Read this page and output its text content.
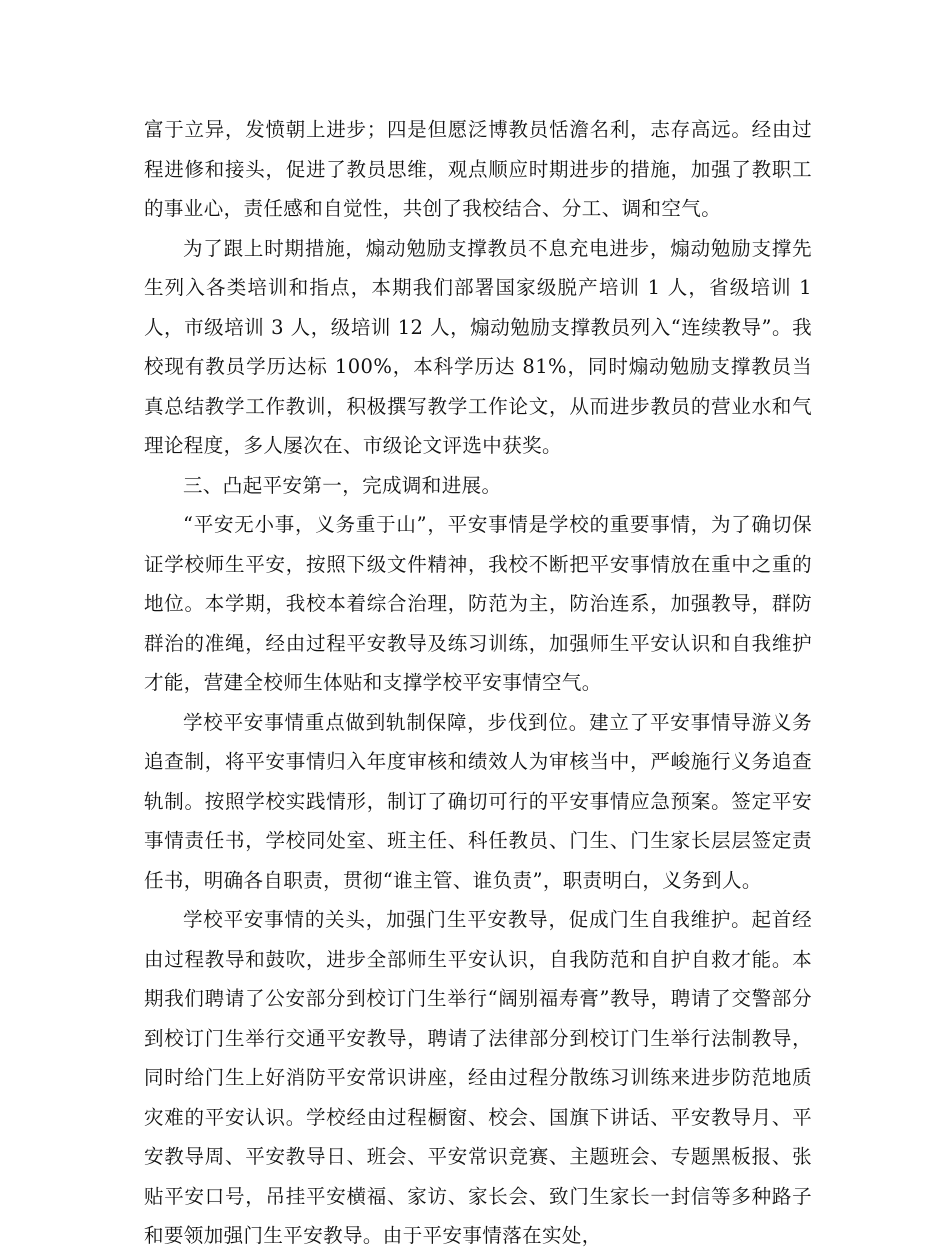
富于立异，发愤朝上进步；四是但愿泛博教员恬澹名利，志存高远。经由过程进修和接头，促进了教员思维，观点顺应时期进步的措施，加强了教职工的事业心，责任感和自觉性，共创了我校结合、分工、调和空气。

为了跟上时期措施，煽动勉励支撑教员不息充电进步，煽动勉励支撑先生列入各类培训和指点，本期我们部署国家级脱产培训 1 人，省级培训 1 人，市级培训 3 人，级培训 12 人，煽动勉励支撑教员列入“连续教导”。我校现有教员学历达标 100%，本科学历达 81%，同时煽动勉励支撑教员当真总结教学工作教训，积极撰写教学工作论文，从而进步教员的营业水和气理论程度，多人屡次在、市级论文评选中获奖。

三、凸起平安第一，完成调和进展。

“平安无小事，义务重于山”，平安事情是学校的重要事情，为了确切保证学校师生平安，按照下级文件精神，我校不断把平安事情放在重中之重的地位。本学期，我校本着综合治理，防范为主，防治连系，加强教导，群防群治的准绳，经由过程平安教导及练习训练，加强师生平安认识和自我维护才能，营建全校师生体贴和支撑学校平安事情空气。

学校平安事情重点做到轨制保障，步伐到位。建立了平安事情导游义务追查制，将平安事情归入年度审核和绩效人为审核当中，严峻施行义务追查轨制。按照学校实践情形，制订了确切可行的平安事情应急预案。签定平安事情责任书，学校同处室、班主任、科任教员、门生、门生家长层层签定责任书，明确各自职责，贯彻“谁主管、谁负责”，职责明白，义务到人。

学校平安事情的关头，加强门生平安教导，促成门生自我维护。起首经由过程教导和鼓吹，进步全部师生平安认识，自我防范和自护自救才能。本期我们聘请了公安部分到校订门生举行“阔别福寿膏”教导，聘请了交警部分到校订门生举行交通平安教导，聘请了法律部分到校订门生举行法制教导，同时给门生上好消防平安常识讲座，经由过程分散练习训练来进步防范地质灾难的平安认识。学校经由过程橱窗、校会、国旗下讲话、平安教导月、平安教导周、平安教导日、班会、平安常识竞赛、主题班会、专题黑板报、张贴平安口号，吊挂平安横福、家访、家长会、致门生家长一封信等多种路子和要领加强门生平安教导。由于平安事情落在实处，
